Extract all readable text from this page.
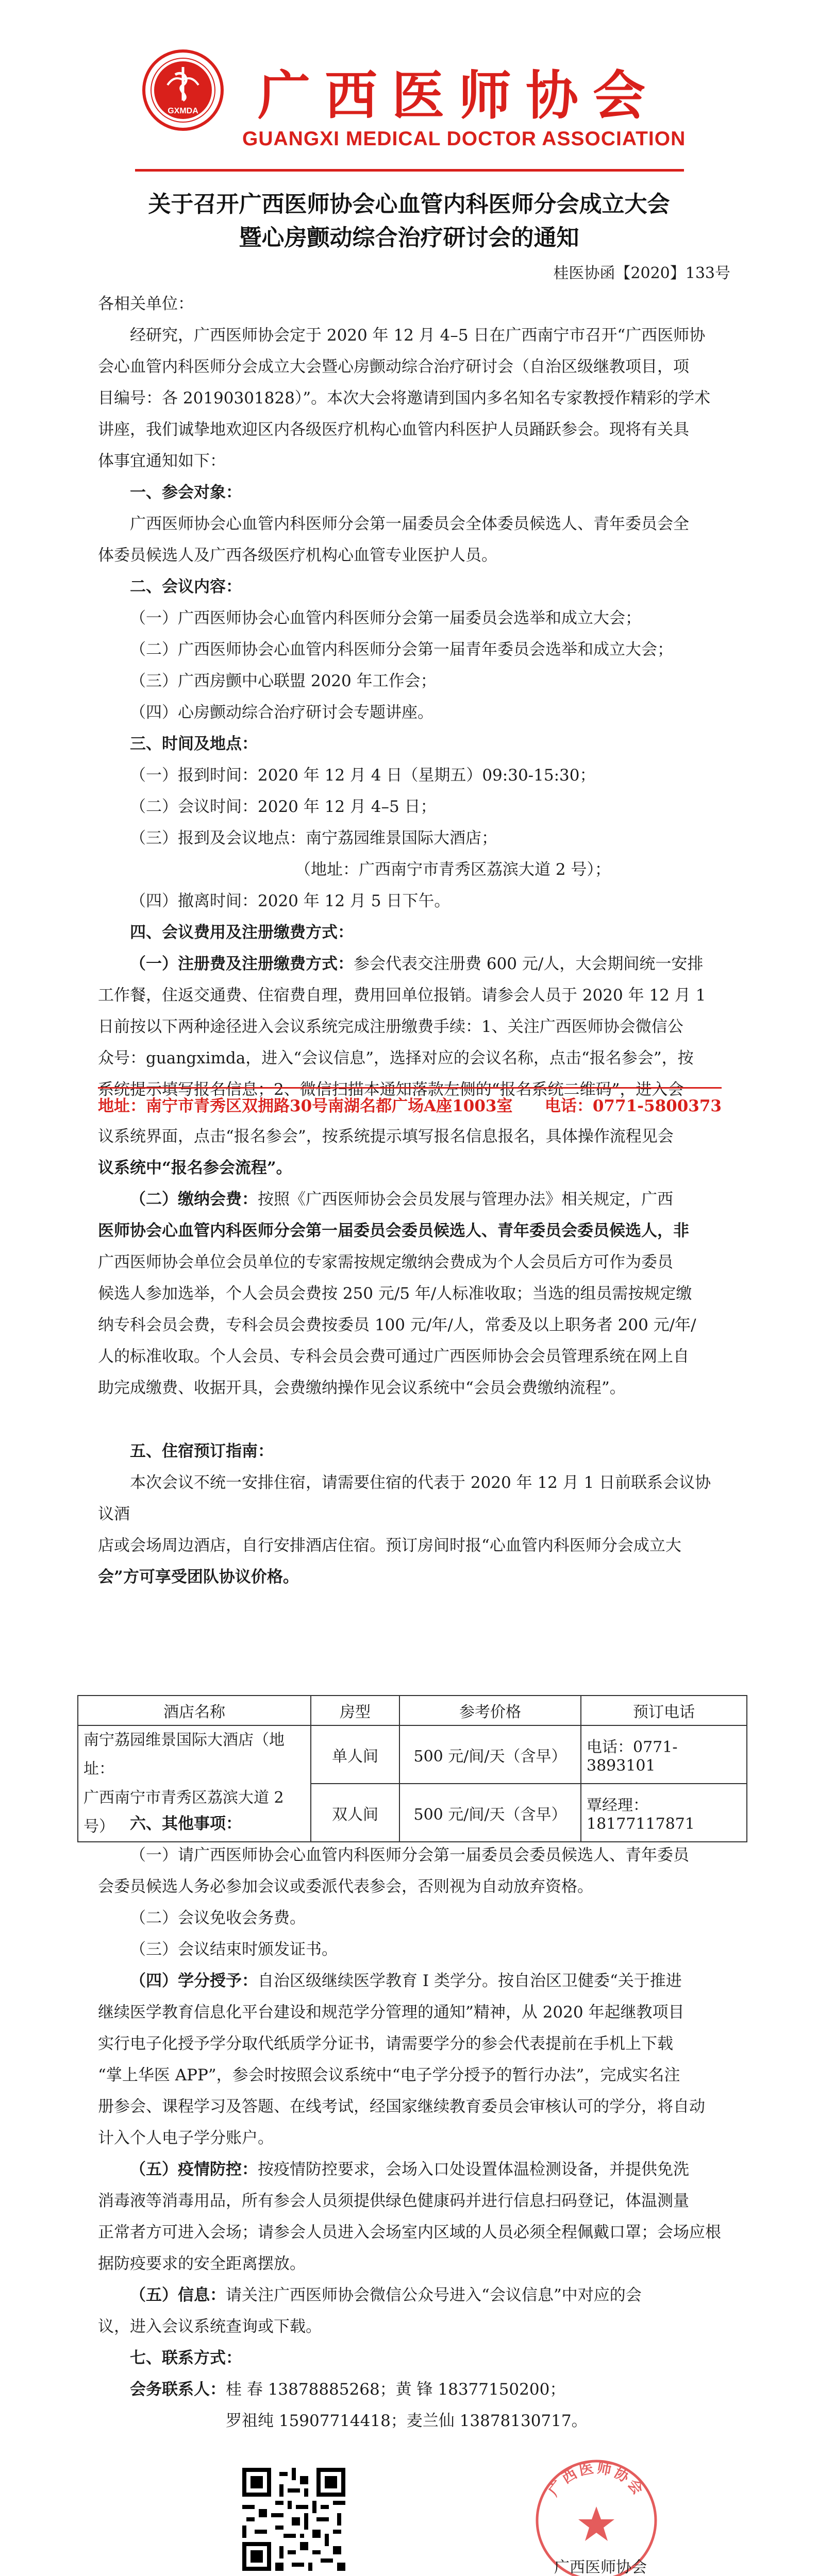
GXMDA 广西医师协会
GUANGXI MEDICAL DOCTOR ASSOCIATION
关于召开广西医师协会心血管内科医师分会成立大会
暨心房颤动综合治疗研讨会的通知
桂医协函【2020】133号
各相关单位：
经研究，广西医师协会定于 2020 年 12 月 4–5 日在广西南宁市召开“广西医师协
会心血管内科医师分会成立大会暨心房颤动综合治疗研讨会（自治区级继教项目，项
目编号：各 20190301828）”。本次大会将邀请到国内多名知名专家教授作精彩的学术
讲座，我们诚挚地欢迎区内各级医疗机构心血管内科医护人员踊跃参会。现将有关具
体事宜通知如下：
一、参会对象：
广西医师协会心血管内科医师分会第一届委员会全体委员候选人、青年委员会全
体委员候选人及广西各级医疗机构心血管专业医护人员。
二、会议内容：
（一）广西医师协会心血管内科医师分会第一届委员会选举和成立大会；
（二）广西医师协会心血管内科医师分会第一届青年委员会选举和成立大会；
（三）广西房颤中心联盟 2020 年工作会；
（四）心房颤动综合治疗研讨会专题讲座。
三、时间及地点：
（一）报到时间：2020 年 12 月 4 日（星期五）09:30-15:30；
（二）会议时间：2020 年 12 月 4–5 日；
（三）报到及会议地点：南宁荔园维景国际大酒店；
（地址：广西南宁市青秀区荔滨大道 2 号）；
（四）撤离时间：2020 年 12 月 5 日下午。
四、会议费用及注册缴费方式：
（一）注册费及注册缴费方式：参会代表交注册费 600 元/人，大会期间统一安排
工作餐，住返交通费、住宿费自理，费用回单位报销。请参会人员于 2020 年 12 月 1
日前按以下两种途径进入会议系统完成注册缴费手续：1、关注广西医师协会微信公
众号：guangximda，进入“会议信息”，选择对应的会议名称，点击“报名参会”，按
系统提示填写报名信息；2、微信扫描本通知落款左侧的“报名系统二维码”，进入会
地址：南宁市青秀区双拥路30号南湖名都广场A座1003室 电话：0771-5800373
议系统界面，点击“报名参会”，按系统提示填写报名信息报名，具体操作流程见会
议系统中“报名参会流程”。
（二）缴纳会费：按照《广西医师协会会员发展与管理办法》相关规定，广西
医师协会心血管内科医师分会第一届委员会委员候选人、青年委员会委员候选人，非
广西医师协会单位会员单位的专家需按规定缴纳会费成为个人会员后方可作为委员
候选人参加选举，个人会员会费按 250 元/5 年/人标准收取；当选的组员需按规定缴
纳专科会员会费，专科会员会费按委员 100 元/年/人，常委及以上职务者 200 元/年/
人的标准收取。个人会员、专科会员会费可通过广西医师协会会员管理系统在网上自
助完成缴费、收据开具，会费缴纳操作见会议系统中“会员会费缴纳流程”。
五、住宿预订指南：
本次会议不统一安排住宿，请需要住宿的代表于 2020 年 12 月 1 日前联系会议协议酒
店或会场周边酒店，自行安排酒店住宿。预订房间时报“心血管内科医师分会成立大
会”方可享受团队协议价格。
酒店名称	房型	参考价格	预订电话

南宁荔园维景国际大酒店（地址：
广西南宁市青秀区荔滨大道 2 号）	单人间	500 元/间/天（含早）	电话：0771-3893101
	双人间	500 元/间/天（含早）	覃经理：18177117871
六、其他事项：
（一）请广西医师协会心血管内科医师分会第一届委员会委员候选人、青年委员
会委员候选人务必参加会议或委派代表参会，否则视为自动放弃资格。
（二）会议免收会务费。
（三）会议结束时颁发证书。
（四）学分授予：自治区级继续医学教育 I 类学分。按自治区卫健委“关于推进
继续医学教育信息化平台建设和规范学分管理的通知”精神，从 2020 年起继教项目
实行电子化授予学分取代纸质学分证书，请需要学分的参会代表提前在手机上下载
“掌上华医 APP”，参会时按照会议系统中“电子学分授予的暂行办法”，完成实名注
册参会、课程学习及答题、在线考试，经国家继续教育委员会审核认可的学分，将自动
计入个人电子学分账户。
（五）疫情防控：按疫情防控要求，会场入口处设置体温检测设备，并提供免洗
消毒液等消毒用品，所有参会人员须提供绿色健康码并进行信息扫码登记，体温测量
正常者方可进入会场；请参会人员进入会场室内区域的人员必须全程佩戴口罩；会场应根
据防疫要求的安全距离摆放。
（五）信息：请关注广西医师协会微信公众号进入“会议信息”中对应的会
议，进入会议系统查询或下载。
七、联系方式：
会务联系人：桂 春 13878885268；黄 锋 18377150200；
罗祖纯 15907714418；麦兰仙 13878130717。
广西医师协会
广西医师协会
